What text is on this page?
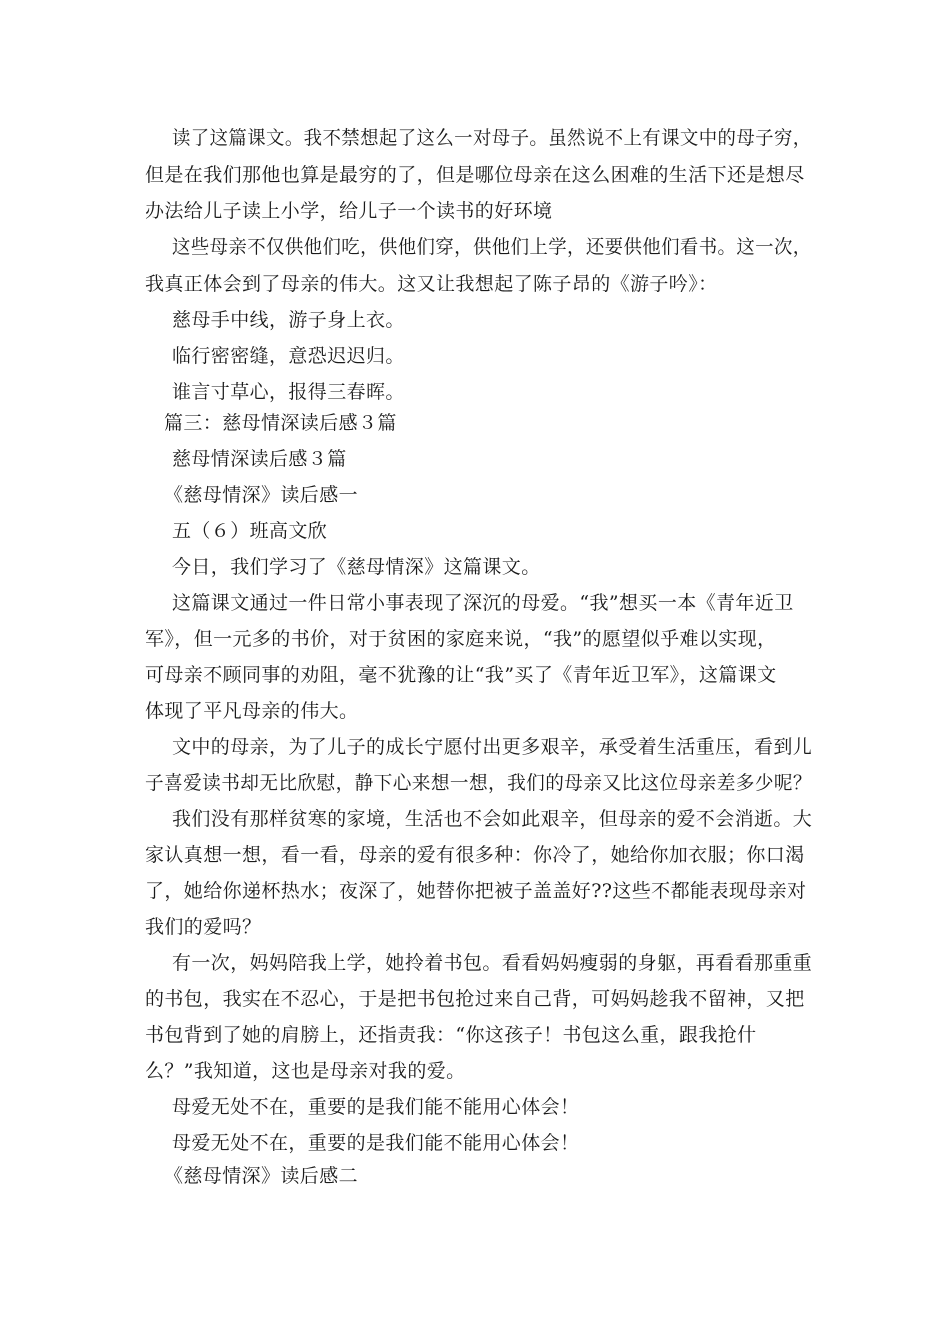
读了这篇课文。我不禁想起了这么一对母子。虽然说不上有课文中的母子穷，
但是在我们那他也算是最穷的了，但是哪位母亲在这么困难的生活下还是想尽
办法给儿子读上小学，给儿子一个读书的好环境
这些母亲不仅供他们吃，供他们穿，供他们上学，还要供他们看书。这一次，
我真正体会到了母亲的伟大。这又让我想起了陈子昂的《游子吟》：
慈母手中线，游子身上衣。
临行密密缝，意恐迟迟归。
谁言寸草心，报得三春晖。
篇三：慈母情深读后感３篇
慈母情深读后感３篇
《慈母情深》读后感一
五（６）班高文欣
今日，我们学习了《慈母情深》这篇课文。
这篇课文通过一件日常小事表现了深沉的母爱。“我”想买一本《青年近卫
军》，但一元多的书价，对于贫困的家庭来说，“我”的愿望似乎难以实现，
可母亲不顾同事的劝阻，毫不犹豫的让“我”买了《青年近卫军》，这篇课文
体现了平凡母亲的伟大。
文中的母亲，为了儿子的成长宁愿付出更多艰辛，承受着生活重压，看到儿
子喜爱读书却无比欣慰，静下心来想一想，我们的母亲又比这位母亲差多少呢？
我们没有那样贫寒的家境，生活也不会如此艰辛，但母亲的爱不会消逝。大
家认真想一想，看一看，母亲的爱有很多种：你冷了，她给你加衣服；你口渴
了，她给你递杯热水；夜深了，她替你把被子盖盖好??这些不都能表现母亲对
我们的爱吗？
有一次，妈妈陪我上学，她拎着书包。看看妈妈瘦弱的身躯，再看看那重重
的书包，我实在不忍心，于是把书包抢过来自己背，可妈妈趁我不留神，又把
书包背到了她的肩膀上，还指责我：“你这孩子！书包这么重，跟我抢什
么？”我知道，这也是母亲对我的爱。
母爱无处不在，重要的是我们能不能用心体会！
母爱无处不在，重要的是我们能不能用心体会！
《慈母情深》读后感二
